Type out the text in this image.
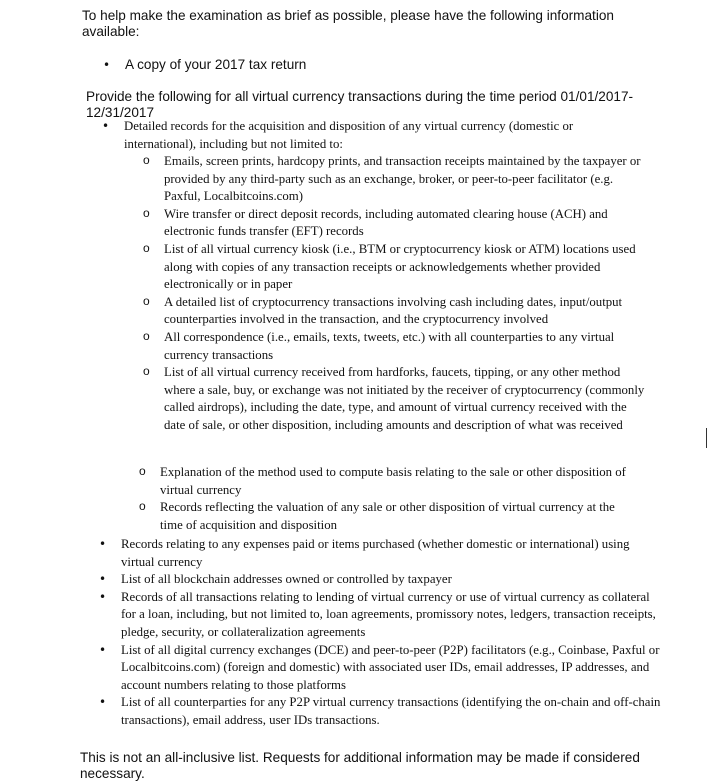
To help make the examination as brief as possible, please have the following information available:

• A copy of your 2017 tax return

Provide the following for all virtual currency transactions during the time period 01/01/2017-12/31/2017

• Detailed records for the acquisition and disposition of any virtual currency (domestic or international), including but not limited to:
o Emails, screen prints, hardcopy prints, and transaction receipts maintained by the taxpayer or provided by any third-party such as an exchange, broker, or peer-to-peer facilitator (e.g. Paxful, Localbitcoins.com)
o Wire transfer or direct deposit records, including automated clearing house (ACH) and electronic funds transfer (EFT) records
o List of all virtual currency kiosk (i.e., BTM or cryptocurrency kiosk or ATM) locations used along with copies of any transaction receipts or acknowledgements whether provided electronically or in paper
o A detailed list of cryptocurrency transactions involving cash including dates, input/output counterparties involved in the transaction, and the cryptocurrency involved
o All correspondence (i.e., emails, texts, tweets, etc.) with all counterparties to any virtual currency transactions
o List of all virtual currency received from hardforks, faucets, tipping, or any other method where a sale, buy, or exchange was not initiated by the receiver of cryptocurrency (commonly called airdrops), including the date, type, and amount of virtual currency received with the date of sale, or other disposition, including amounts and description of what was received
o Explanation of the method used to compute basis relating to the sale or other disposition of virtual currency
o Records reflecting the valuation of any sale or other disposition of virtual currency at the time of acquisition and disposition
• Records relating to any expenses paid or items purchased (whether domestic or international) using virtual currency
• List of all blockchain addresses owned or controlled by taxpayer
• Records of all transactions relating to lending of virtual currency or use of virtual currency as collateral for a loan, including, but not limited to, loan agreements, promissory notes, ledgers, transaction receipts, pledge, security, or collateralization agreements
• List of all digital currency exchanges (DCE) and peer-to-peer (P2P) facilitators (e.g., Coinbase, Paxful or Localbitcoins.com) (foreign and domestic) with associated user IDs, email addresses, IP addresses, and account numbers relating to those platforms
• List of all counterparties for any P2P virtual currency transactions (identifying the on-chain and off-chain transactions), email address, user IDs transactions.

This is not an all-inclusive list. Requests for additional information may be made if considered necessary.
